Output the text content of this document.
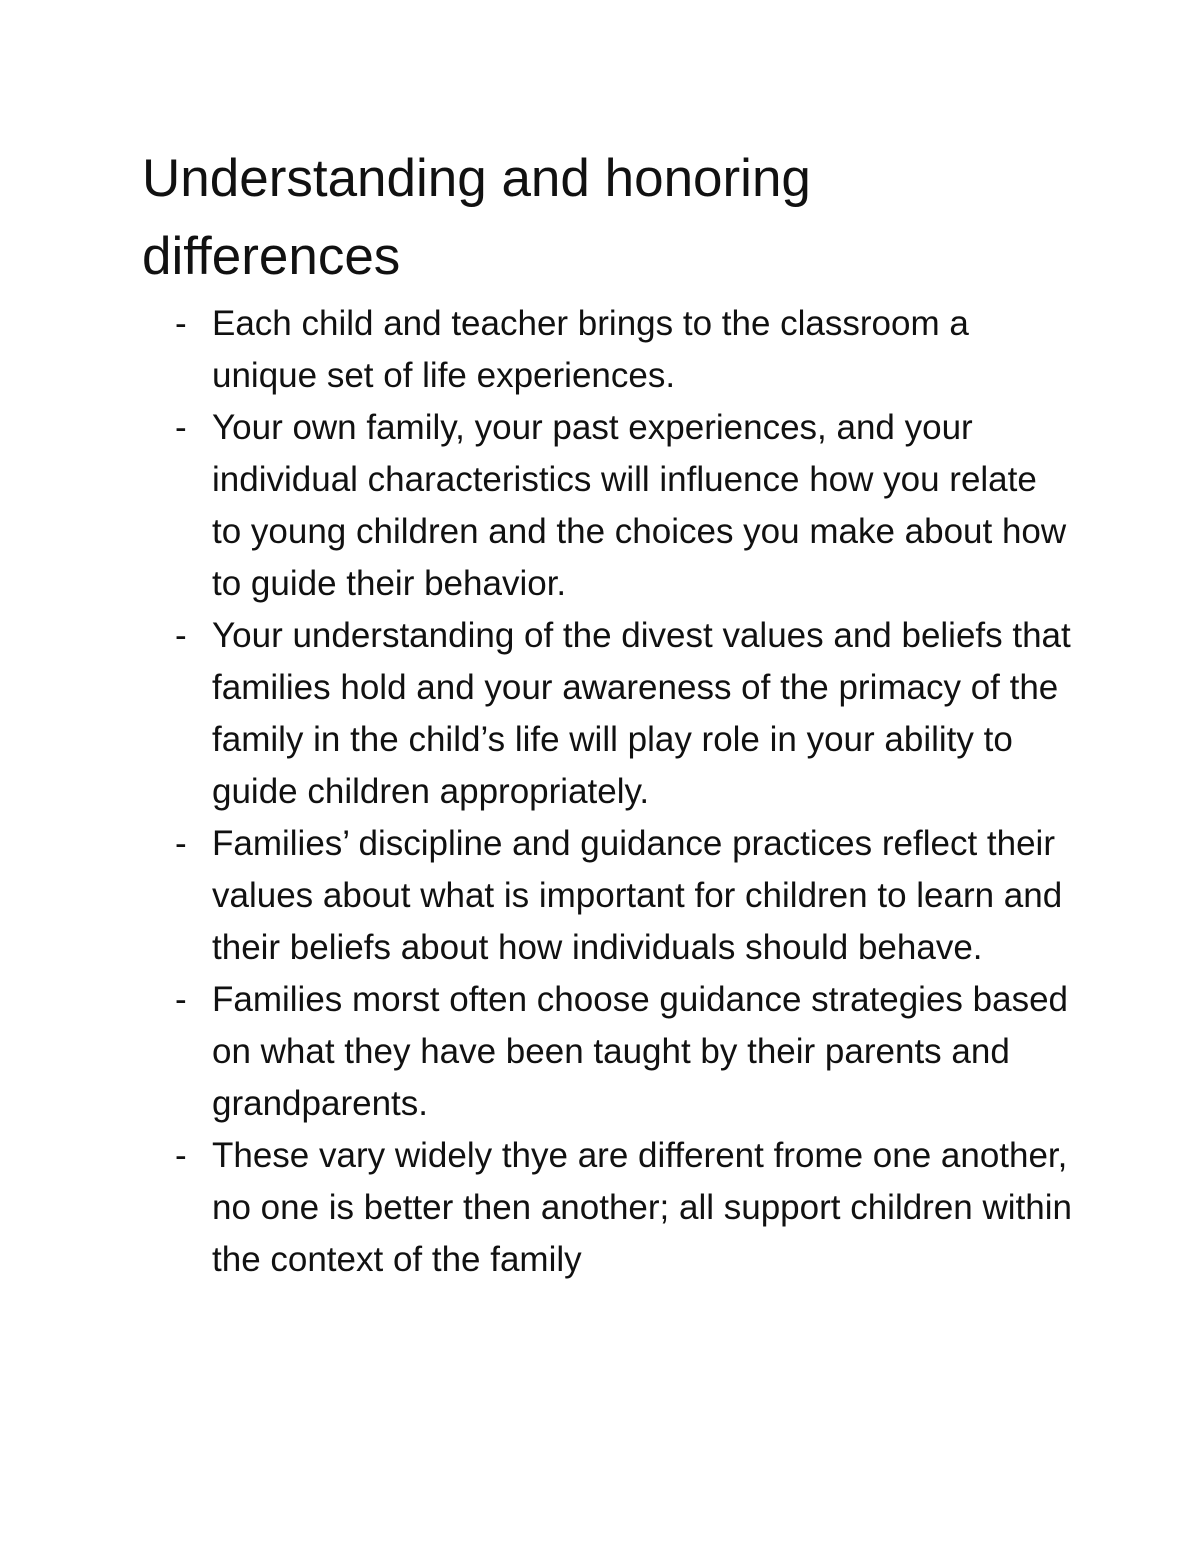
Understanding and honoring differences
- Each child and teacher brings to the classroom a unique set of life experiences.
- Your own family, your past experiences, and your individual characteristics will influence how you relate to young children and the choices you make about how to guide their behavior.
- Your understanding of the divest values and beliefs that families hold and your awareness of the primacy of the family in the child’s life will play role in your ability to guide children appropriately.
- Families’ discipline and guidance practices reflect their values about what is important for children to learn and their beliefs about how individuals should behave.
- Families morst often choose guidance strategies based on what they have been taught by their parents and grandparents.
- These vary widely thye are different frome one another, no one is better then another; all support children within the context of the family
